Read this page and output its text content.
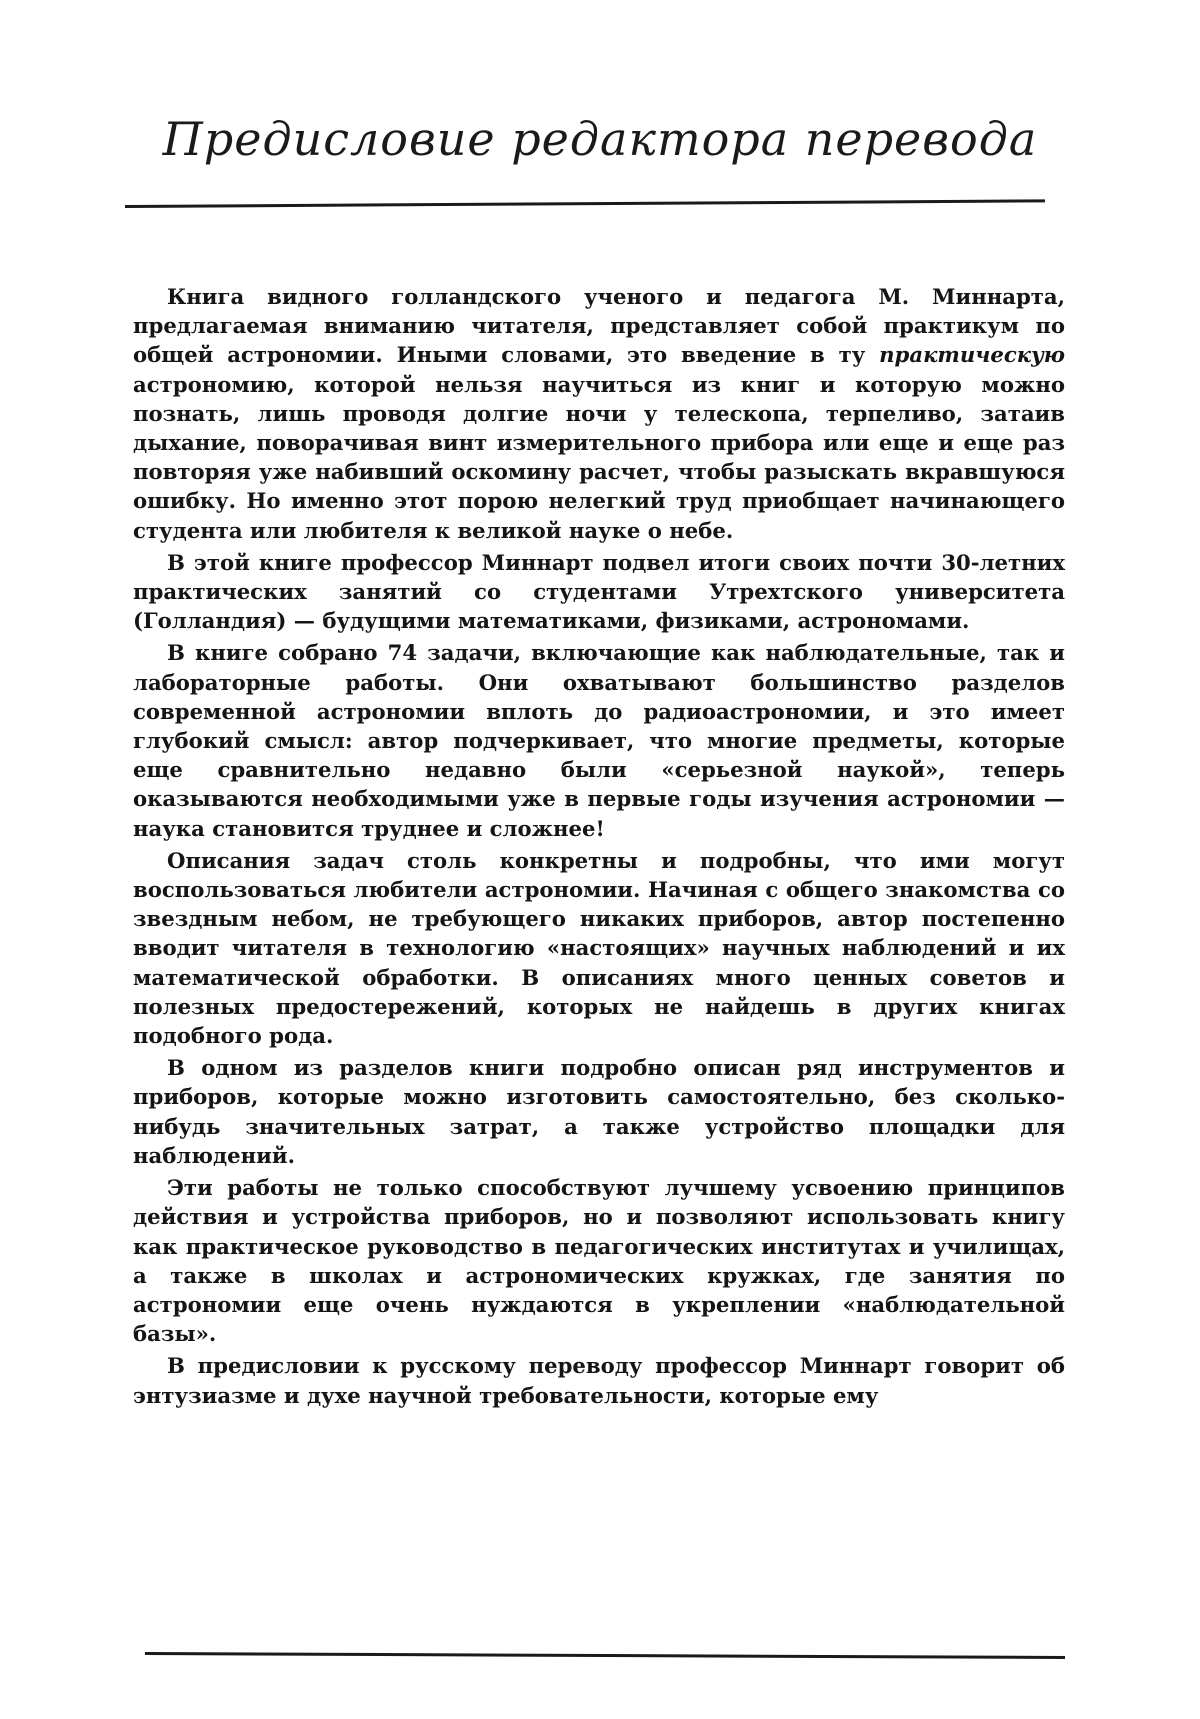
Предисловие редактора перевода

Книга видного голландского ученого и педагога М. Миннарта, предлагаемая вниманию читателя, представляет собой практикум по общей астрономии. Иными словами, это введение в ту практическую астрономию, которой нельзя научиться из книг и которую можно познать, лишь проводя долгие ночи у телескопа, терпеливо, затаив дыхание, поворачивая винт измерительного прибора или еще и еще раз повторяя уже набивший оскомину расчет, чтобы разыскать вкравшуюся ошибку. Но именно этот порою нелегкий труд приобщает начинающего студента или любителя к великой науке о небе.

В этой книге профессор Миннарт подвел итоги своих почти 30-летних практических занятий со студентами Утрехтского университета (Голландия) — будущими математиками, физиками, астрономами.

В книге собрано 74 задачи, включающие как наблюдательные, так и лабораторные работы. Они охватывают большинство разделов современной астрономии вплоть до радиоастрономии, и это имеет глубокий смысл: автор подчеркивает, что многие предметы, которые еще сравнительно недавно были «серьезной наукой», теперь оказываются необходимыми уже в первые годы изучения астрономии — наука становится труднее и сложнее!

Описания задач столь конкретны и подробны, что ими могут воспользоваться любители астрономии. Начиная с общего знакомства со звездным небом, не требующего никаких приборов, автор постепенно вводит читателя в технологию «настоящих» научных наблюдений и их математической обработки. В описаниях много ценных советов и полезных предостережений, которых не найдешь в других книгах подобного рода.

В одном из разделов книги подробно описан ряд инструментов и приборов, которые можно изготовить самостоятельно, без сколько-нибудь значительных затрат, а также устройство площадки для наблюдений.

Эти работы не только способствуют лучшему усвоению принципов действия и устройства приборов, но и позволяют использовать книгу как практическое руководство в педагогических институтах и училищах, а также в школах и астрономических кружках, где занятия по астрономии еще очень нуждаются в укреплении «наблюдательной базы».

В предисловии к русскому переводу профессор Миннарт говорит об энтузиазме и духе научной требовательности, которые ему
